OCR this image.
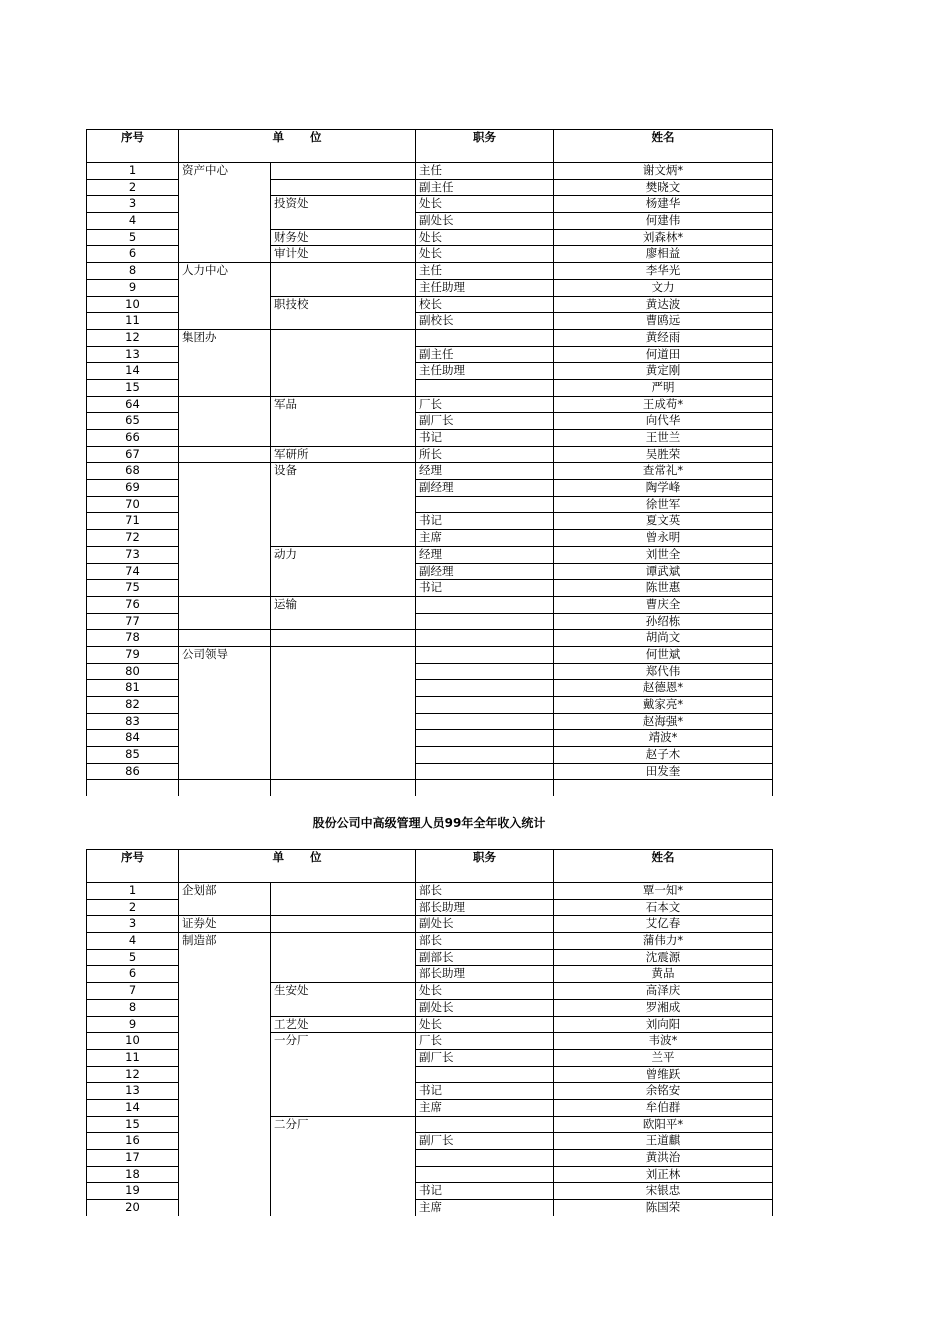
序号	单 位		职务	姓名
1	资产中心		主任	谢文炳*
2			副主任	樊晓文
3		投资处	处长	杨建华
4			副处长	何建伟
5		财务处	处长	刘森林*
6		审计处	处长	廖相益
8	人力中心		主任	李华光
9			主任助理	文力
10		职技校	校长	黄达波
11			副校长	曹鸥远
12	集团办			黄经雨
13			副主任	何道田
14			主任助理	黄定刚
15				严明
64		军品	厂长	王成苟*
65			副厂长	向代华
66			书记	王世兰
67		军研所	所长	吴胜荣
68		设备	经理	查常礼*
69			副经理	陶学峰
70				徐世军
71			书记	夏文英
72			主席	曾永明
73		动力	经理	刘世全
74			副经理	谭武斌
75			书记	陈世惠
76		运输		曹庆全
77				孙绍栋
78				胡尚文
79	公司领导			何世斌
80				郑代伟
81				赵德恩*
82				戴家亮*
83				赵海强*
84				靖波*
85				赵子木
86				田发奎

股份公司中高级管理人员99年全年收入统计
序号	单 位		职务	姓名
1	企划部		部长	覃一知*
2			部长助理	石本文
3	证券处		副处长	艾亿春
4	制造部		部长	蒲伟力*
5			副部长	沈震源
6			部长助理	黄品
7		生安处	处长	高泽庆
8			副处长	罗湘成
9		工艺处	处长	刘向阳
10		一分厂	厂长	韦波*
11			副厂长	兰平
12				曾维跃
13			书记	余铭安
14			主席	牟伯群
15		二分厂		欧阳平*
16			副厂长	王道麒
17				黄洪治
18				刘正林
19			书记	宋银忠
20			主席	陈国荣
